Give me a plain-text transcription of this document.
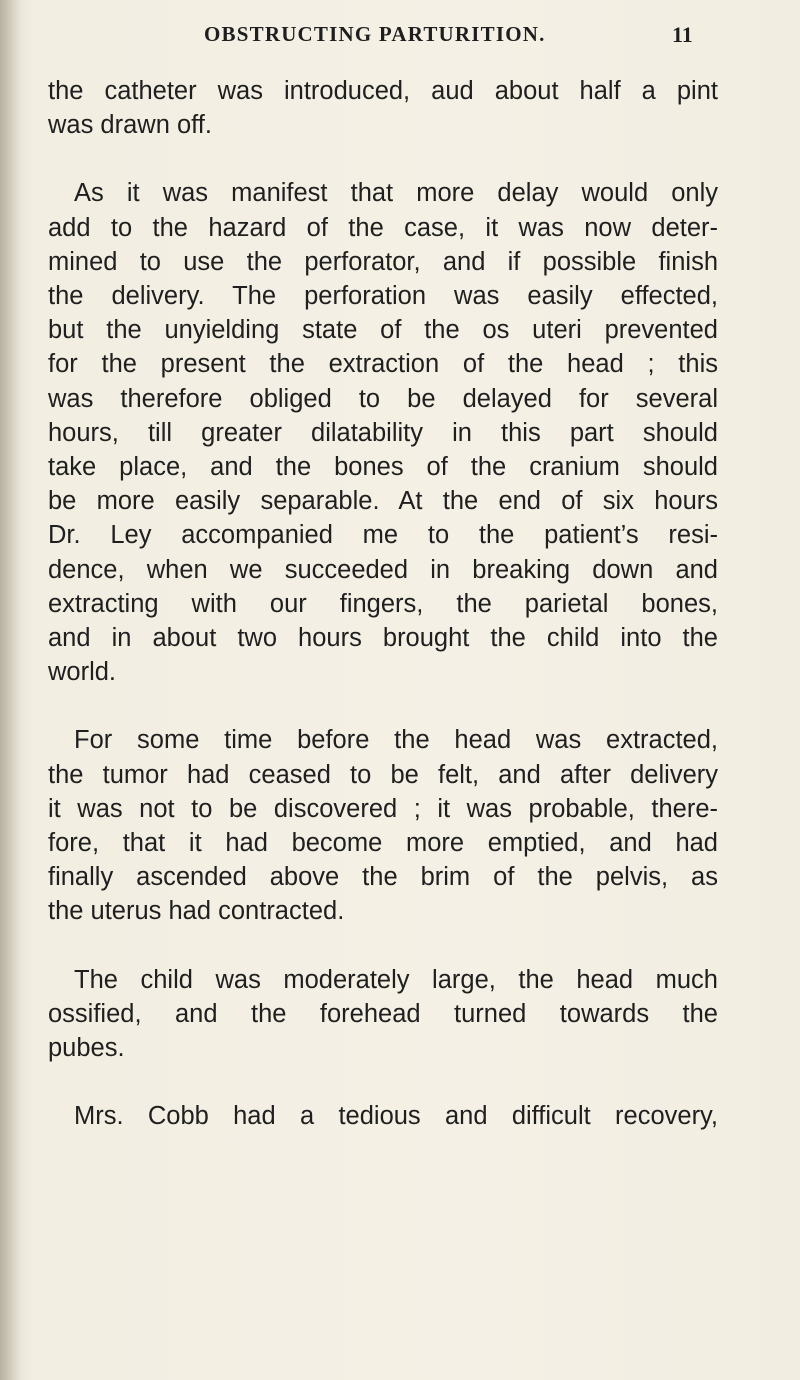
OBSTRUCTING PARTURITION.	11

the catheter was introduced, aud about half a pint
was drawn off.

As it was manifest that more delay would only
add to the hazard of the case, it was now deter-
mined to use the perforator, and if possible finish
the delivery. The perforation was easily effected,
but the unyielding state of the os uteri prevented
for the present the extraction of the head ; this
was therefore obliged to be delayed for several
hours, till greater dilatability in this part should
take place, and the bones of the cranium should
be more easily separable. At the end of six hours
Dr. Ley accompanied me to the patient’s resi-
dence, when we succeeded in breaking down and
extracting with our fingers, the parietal bones,
and in about two hours brought the child into the
world.

For some time before the head was extracted,
the tumor had ceased to be felt, and after delivery
it was not to be discovered ; it was probable, there-
fore, that it had become more emptied, and had
finally ascended above the brim of the pelvis, as
the uterus had contracted.

The child was moderately large, the head much
ossified, and the forehead turned towards the
pubes.

Mrs. Cobb had a tedious and difficult recovery,
